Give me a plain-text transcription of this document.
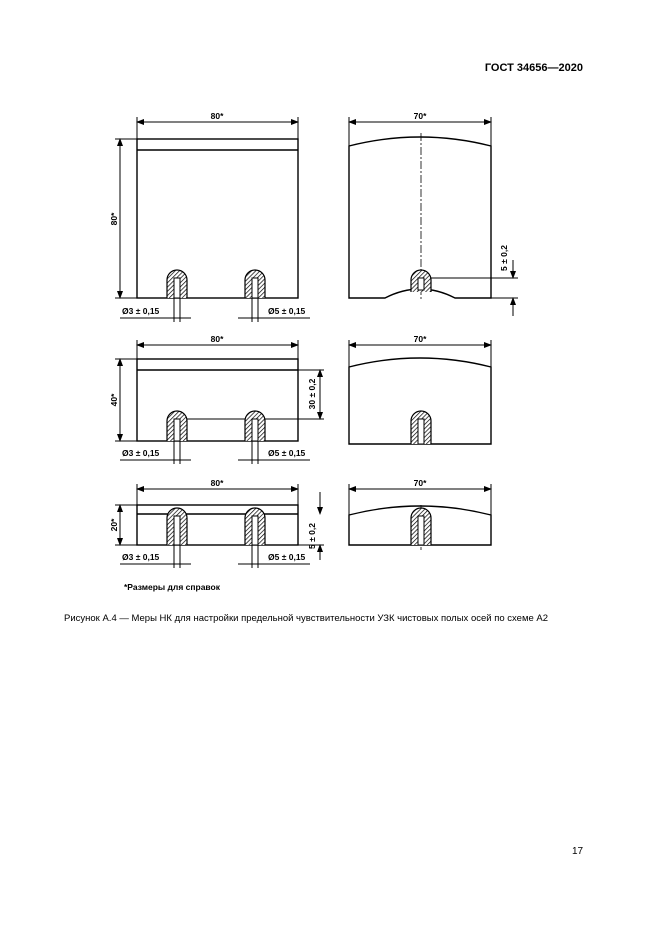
ГОСТ 34656—2020
80*	70*
80*
Ø3 ± 0,15	Ø5 ± 0,15
5 ± 0,2
80*	70*
40*	30 ± 0,2
Ø3 ± 0,15	Ø5 ± 0,15
80*	70*
20*	5 ± 0,2
Ø3 ± 0,15	Ø5 ± 0,15
*Размеры для справок
Рисунок А.4 — Меры НК для настройки предельной чувствительности УЗК чистовых полых осей по схеме А2
17
